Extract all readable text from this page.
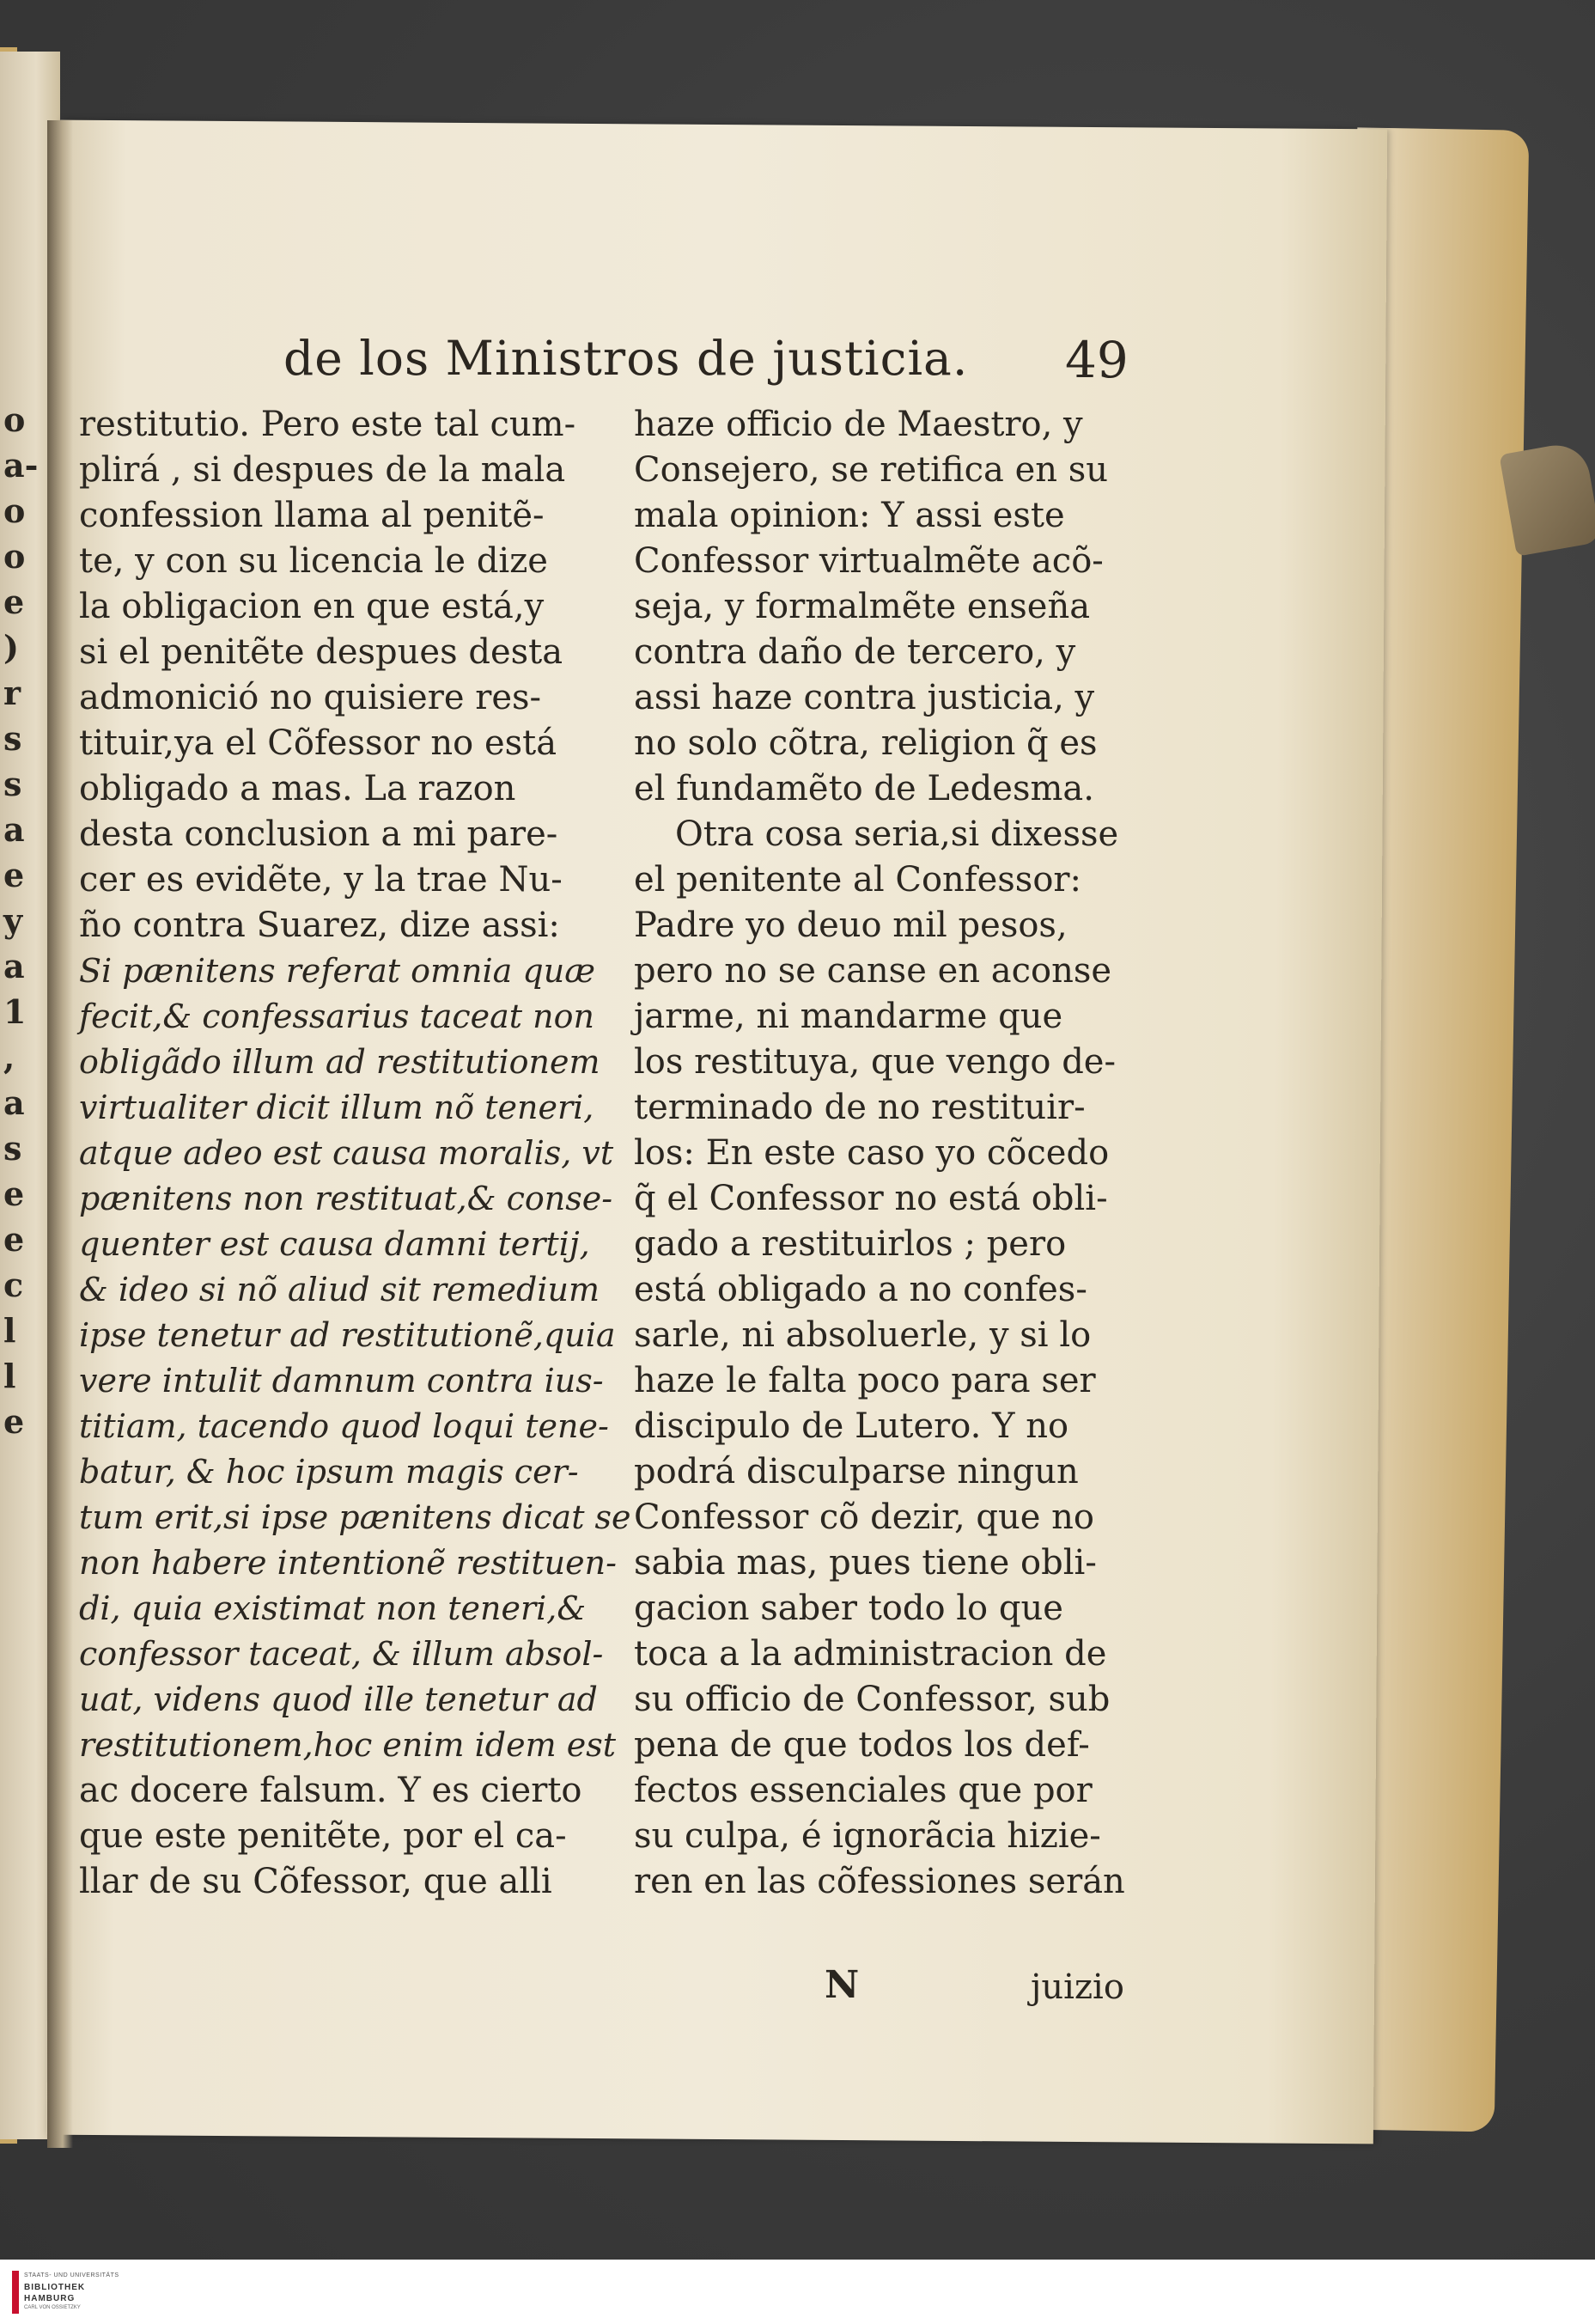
o
a-
o
o
e
)
r
s
s
a
e
y
a
1
,
a
s
e
e
c
l
l
e
de los Ministros de justicia. 49
restitutio. Pero este tal cum-
plirá , si despues de la mala
confession llama al penitẽ-
te, y con su licencia le dize
la obligacion en que está,y
si el penitẽte despues desta
admonició no quisiere res-
tituir,ya el Cõfessor no está
obligado a mas. La razon
desta conclusion a mi pare-
cer es evidẽte, y la trae Nu-
ño contra Suarez, dize assi:
Si pænitens referat omnia quæ
fecit,& confessarius taceat non
obligãdo illum ad restitutionem
virtualiter dicit illum nõ teneri,
atque adeo est causa moralis, vt
pænitens non restituat,& conse-
quenter est causa damni tertij,
& ideo si nõ aliud sit remedium
ipse tenetur ad restitutionẽ,quia
vere intulit damnum contra ius-
titiam, tacendo quod loqui tene-
batur, & hoc ipsum magis cer-
tum erit,si ipse pænitens dicat se
non habere intentionẽ restituen-
di, quia existimat non teneri,&
confessor taceat, & illum absol-
uat, videns quod ille tenetur ad
restitutionem,hoc enim idem est
ac docere falsum. Y es cierto
que este penitẽte, por el ca-
llar de su Cõfessor, que alli
haze officio de Maestro, y
Consejero, se retifica en su
mala opinion: Y assi este
Confessor virtualmẽte acõ-
seja, y formalmẽte enseña
contra daño de tercero, y
assi haze contra justicia, y
no solo cõtra, religion q̃ es
el fundamẽto de Ledesma.
Otra cosa seria,si dixesse
el penitente al Confessor:
Padre yo deuo mil pesos,
pero no se canse en aconse
jarme, ni mandarme que
los restituya, que vengo de-
terminado de no restituir-
los: En este caso yo cõcedo
q̃ el Confessor no está obli-
gado a restituirlos ; pero
está obligado a no confes-
sarle, ni absoluerle, y si lo
haze le falta poco para ser
discipulo de Lutero. Y no
podrá disculparse ningun
Confessor cõ dezir, que no
sabia mas, pues tiene obli-
gacion saber todo lo que
toca a la administracion de
su officio de Confessor, sub
pena de que todos los def-
fectos essenciales que por
su culpa, é ignorãcia hizie-
ren en las cõfessiones serán
N	juizio
STAATS- UND UNIVERSITÄTS
BIBLIOTHEK
HAMBURG
CARL VON OSSIETZKY
